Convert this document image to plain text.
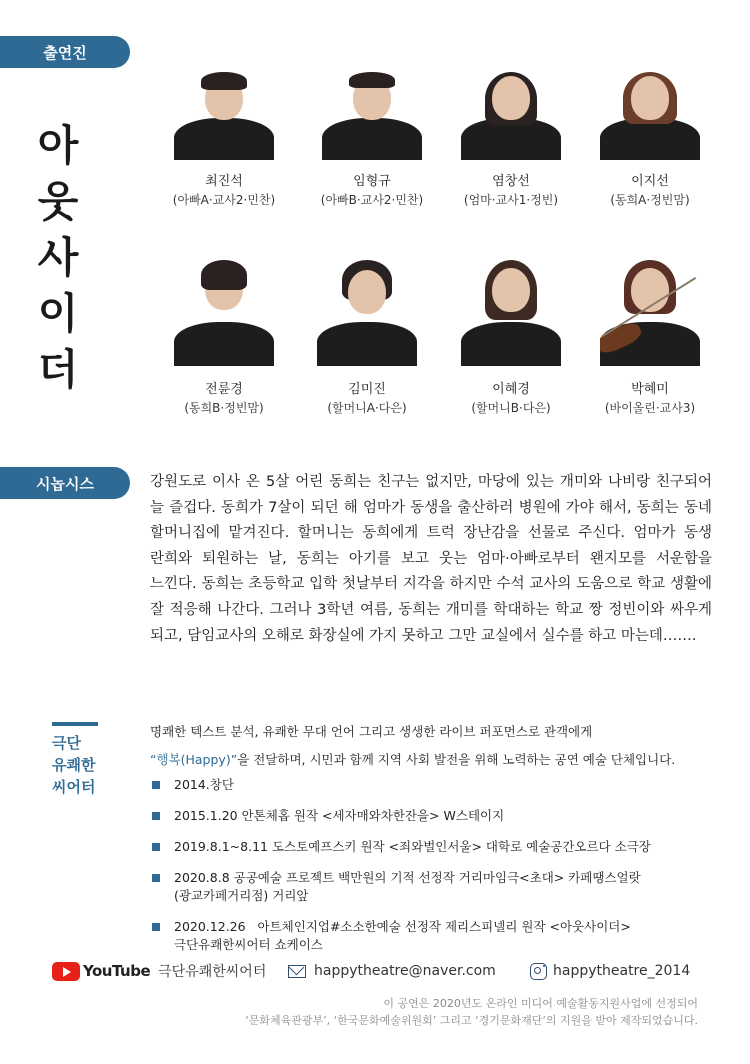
출연진
아
웃
사
이
더
최진석
(아빠A·교사2·민찬)
임형규
(아빠B·교사2·민찬)
염창선
(엄마·교사1·정빈)
이지선
(동희A·정빈맘)
전륜경
(동희B·정빈맘)
김미진
(할머니A·다은)
이혜경
(할머니B·다은)
박혜미
(바이올린·교사3)
시놉시스	강원도로 이사 온 5살 어린 동희는 친구는 없지만, 마당에 있는 개미와 나비랑 친구되어 늘 즐겁다. 동희가 7살이 되던 해 엄마가 동생을 출산하러 병원에 가야 해서, 동희는 동네 할머니집에 맡겨진다. 할머니는 동희에게 트럭 장난감을 선물로 주신다. 엄마가 동생 란희와 퇴원하는 날, 동희는 아기를 보고 웃는 엄마·아빠로부터 왠지모를 서운함을 느낀다. 동희는 초등학교 입학 첫날부터 지각을 하지만 수석 교사의 도움으로 학교 생활에 잘 적응해 나간다. 그러나 3학년 여름, 동희는 개미를 학대하는 학교 짱 정빈이와 싸우게 되고, 담임교사의 오해로 화장실에 가지 못하고 그만 교실에서 실수를 하고 마는데…….

극단
유쾌한
씨어터
명쾌한 텍스트 분석, 유쾌한 무대 언어 그리고 생생한 라이브 퍼포먼스로 관객에게
“행복(Happy)”을 전달하며, 시민과 함께 지역 사회 발전을 위해 노력하는 공연 예술 단체입니다.
2014.창단
2015.1.20 안톤체홉 원작 <세자매와차한잔을> W스테이지
2019.8.1~8.11 도스토예프스키 원작 <죄와벌인서울> 대학로 예술공간오르다 소극장
2020.8.8 공공예술 프로젝트 백만원의 기적 선정작 거리마임극<초대> 카페땡스얼랏
(광교카페거리점) 거리앞
2020.12.26   아트체인지업#소소한예술 선정작 제리스피넬리 원작 <아웃사이더>
극단유쾌한씨어터 쇼케이스
YouTube 극단유쾌한씨어터	happytheatre@naver.com	happytheatre_2014
이 공연은 2020년도 온라인 미디어 예술활동지원사업에 선정되어
‘문화체육관광부’, ‘한국문화예술위원회’ 그리고 ‘경기문화재단’의 지원을 받아 제작되었습니다.
